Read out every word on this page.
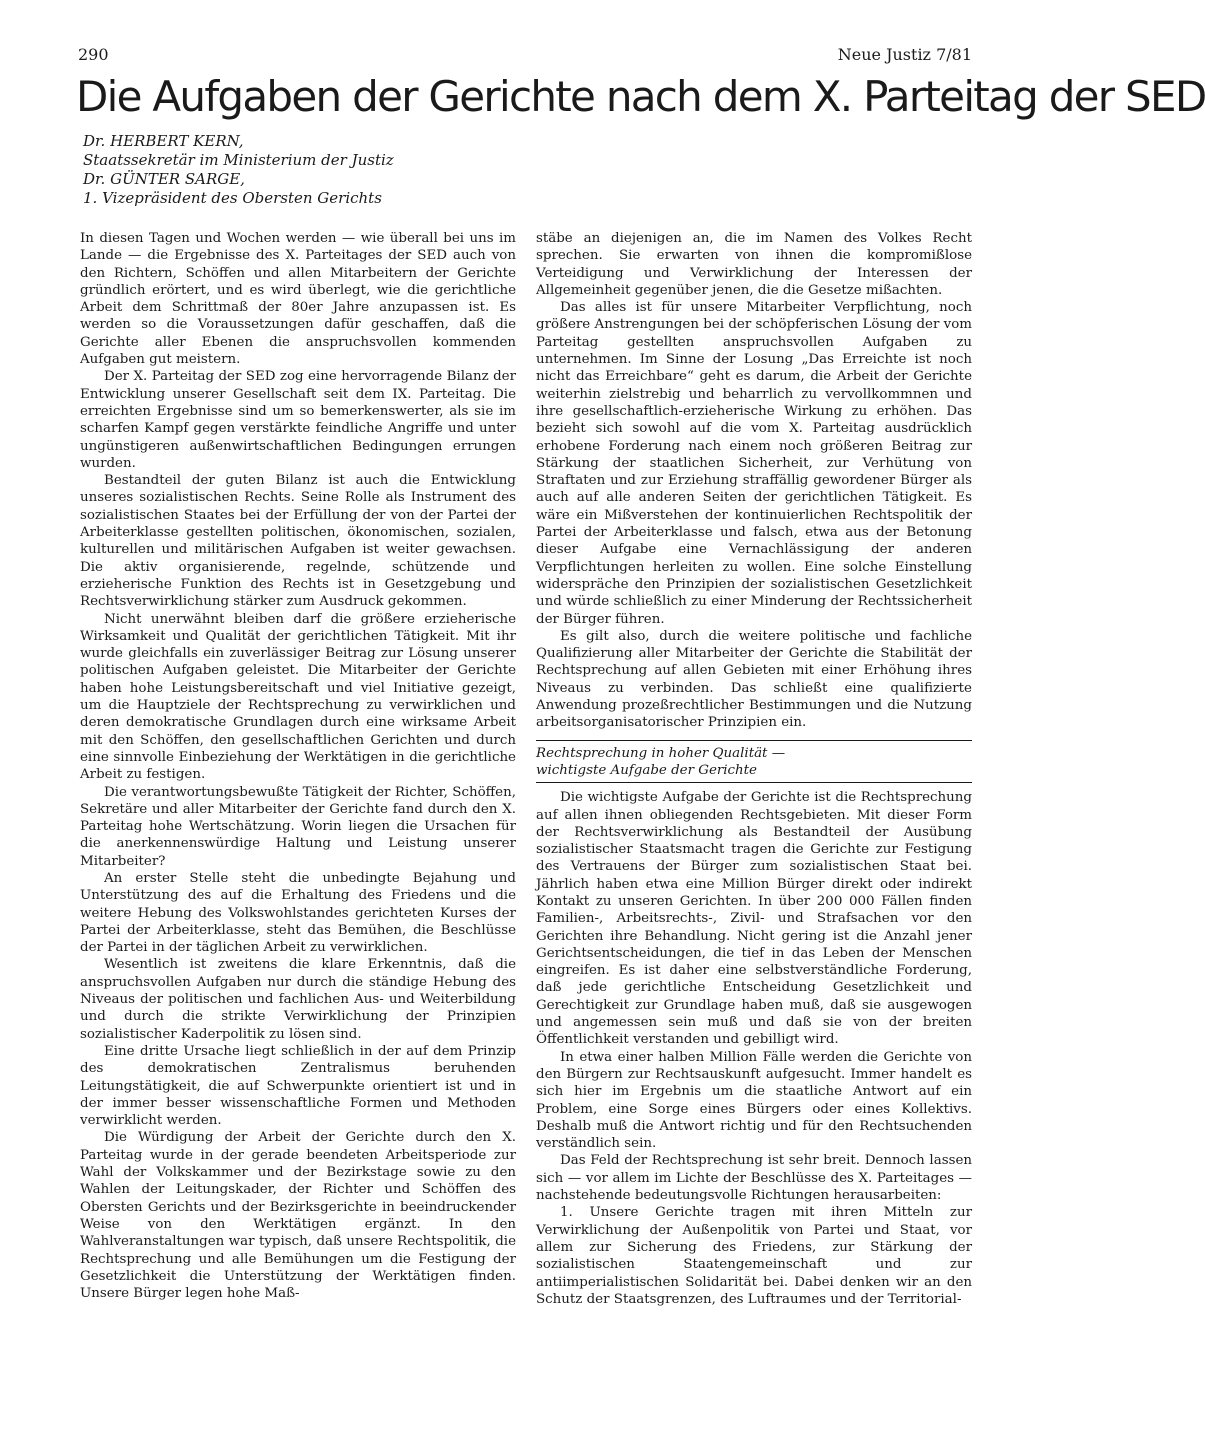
290	Neue Justiz 7/81
Die Aufgaben der Gerichte nach dem X. Parteitag der SED
Dr. HERBERT KERN,
Staatssekretär im Ministerium der Justiz
Dr. GÜNTER SARGE,
1. Vizepräsident des Obersten Gerichts

In diesen Tagen und Wochen werden — wie überall bei uns im Lande — die Ergebnisse des X. Parteitages der SED auch von den Richtern, Schöffen und allen Mitarbeitern der Gerichte gründlich erörtert, und es wird überlegt, wie die gerichtliche Arbeit dem Schrittmaß der 80er Jahre anzupassen ist. Es werden so die Voraussetzungen dafür geschaffen, daß die Gerichte aller Ebenen die anspruchsvollen kommenden Aufgaben gut meistern.

Der X. Parteitag der SED zog eine hervorragende Bilanz der Entwicklung unserer Gesellschaft seit dem IX. Parteitag. Die erreichten Ergebnisse sind um so bemerkenswerter, als sie im scharfen Kampf gegen verstärkte feindliche Angriffe und unter ungünstigeren außenwirtschaftlichen Bedingungen errungen wurden.

Bestandteil der guten Bilanz ist auch die Entwicklung unseres sozialistischen Rechts. Seine Rolle als Instrument des sozialistischen Staates bei der Erfüllung der von der Partei der Arbeiterklasse gestellten politischen, ökonomischen, sozialen, kulturellen und militärischen Aufgaben ist weiter gewachsen. Die aktiv organisierende, regelnde, schützende und erzieherische Funktion des Rechts ist in Gesetzgebung und Rechtsverwirklichung stärker zum Ausdruck gekommen.

Nicht unerwähnt bleiben darf die größere erzieherische Wirksamkeit und Qualität der gerichtlichen Tätigkeit. Mit ihr wurde gleichfalls ein zuverlässiger Beitrag zur Lösung unserer politischen Aufgaben geleistet. Die Mitarbeiter der Gerichte haben hohe Leistungsbereitschaft und viel Initiative gezeigt, um die Hauptziele der Rechtsprechung zu verwirklichen und deren demokratische Grundlagen durch eine wirksame Arbeit mit den Schöffen, den gesellschaftlichen Gerichten und durch eine sinnvolle Einbeziehung der Werktätigen in die gerichtliche Arbeit zu festigen.

Die verantwortungsbewußte Tätigkeit der Richter, Schöffen, Sekretäre und aller Mitarbeiter der Gerichte fand durch den X. Parteitag hohe Wertschätzung. Worin liegen die Ursachen für die anerkennenswürdige Haltung und Leistung unserer Mitarbeiter?

An erster Stelle steht die unbedingte Bejahung und Unterstützung des auf die Erhaltung des Friedens und die weitere Hebung des Volkswohlstandes gerichteten Kurses der Partei der Arbeiterklasse, steht das Bemühen, die Beschlüsse der Partei in der täglichen Arbeit zu verwirklichen.

Wesentlich ist zweitens die klare Erkenntnis, daß die anspruchsvollen Aufgaben nur durch die ständige Hebung des Niveaus der politischen und fachlichen Aus- und Weiterbildung und durch die strikte Verwirklichung der Prinzipien sozialistischer Kaderpolitik zu lösen sind.

Eine dritte Ursache liegt schließlich in der auf dem Prinzip des demokratischen Zentralismus beruhenden Leitungstätigkeit, die auf Schwerpunkte orientiert ist und in der immer besser wissenschaftliche Formen und Methoden verwirklicht werden.

Die Würdigung der Arbeit der Gerichte durch den X. Parteitag wurde in der gerade beendeten Arbeitsperiode zur Wahl der Volkskammer und der Bezirkstage sowie zu den Wahlen der Leitungskader, der Richter und Schöffen des Obersten Gerichts und der Bezirksgerichte in beeindruckender Weise von den Werktätigen ergänzt. In den Wahlveranstaltungen war typisch, daß unsere Rechtspolitik, die Rechtsprechung und alle Bemühungen um die Festigung der Gesetzlichkeit die Unterstützung der Werktätigen finden. Unsere Bürger legen hohe Maß-

stäbe an diejenigen an, die im Namen des Volkes Recht sprechen. Sie erwarten von ihnen die kompromißlose Verteidigung und Verwirklichung der Interessen der Allgemeinheit gegenüber jenen, die die Gesetze mißachten.

Das alles ist für unsere Mitarbeiter Verpflichtung, noch größere Anstrengungen bei der schöpferischen Lösung der vom Parteitag gestellten anspruchsvollen Aufgaben zu unternehmen. Im Sinne der Losung „Das Erreichte ist noch nicht das Erreichbare“ geht es darum, die Arbeit der Gerichte weiterhin zielstrebig und beharrlich zu vervollkommnen und ihre gesellschaftlich-erzieherische Wirkung zu erhöhen. Das bezieht sich sowohl auf die vom X. Parteitag ausdrücklich erhobene Forderung nach einem noch größeren Beitrag zur Stärkung der staatlichen Sicherheit, zur Verhütung von Straftaten und zur Erziehung straffällig gewordener Bürger als auch auf alle anderen Seiten der gerichtlichen Tätigkeit. Es wäre ein Mißverstehen der kontinuierlichen Rechtspolitik der Partei der Arbeiterklasse und falsch, etwa aus der Betonung dieser Aufgabe eine Vernachlässigung der anderen Verpflichtungen herleiten zu wollen. Eine solche Einstellung widerspräche den Prinzipien der sozialistischen Gesetzlichkeit und würde schließlich zu einer Minderung der Rechtssicherheit der Bürger führen.

Es gilt also, durch die weitere politische und fachliche Qualifizierung aller Mitarbeiter der Gerichte die Stabilität der Rechtsprechung auf allen Gebieten mit einer Erhöhung ihres Niveaus zu verbinden. Das schließt eine qualifizierte Anwendung prozeßrechtlicher Bestimmungen und die Nutzung arbeitsorganisatorischer Prinzipien ein.

Rechtsprechung in hoher Qualität —
wichtigste Aufgabe der Gerichte

Die wichtigste Aufgabe der Gerichte ist die Rechtsprechung auf allen ihnen obliegenden Rechtsgebieten. Mit dieser Form der Rechtsverwirklichung als Bestandteil der Ausübung sozialistischer Staatsmacht tragen die Gerichte zur Festigung des Vertrauens der Bürger zum sozialistischen Staat bei. Jährlich haben etwa eine Million Bürger direkt oder indirekt Kontakt zu unseren Gerichten. In über 200 000 Fällen finden Familien-, Arbeitsrechts-, Zivil- und Strafsachen vor den Gerichten ihre Behandlung. Nicht gering ist die Anzahl jener Gerichtsentscheidungen, die tief in das Leben der Menschen eingreifen. Es ist daher eine selbstverständliche Forderung, daß jede gerichtliche Entscheidung Gesetzlichkeit und Gerechtigkeit zur Grundlage haben muß, daß sie ausgewogen und angemessen sein muß und daß sie von der breiten Öffentlichkeit verstanden und gebilligt wird.

In etwa einer halben Million Fälle werden die Gerichte von den Bürgern zur Rechtsauskunft aufgesucht. Immer handelt es sich hier im Ergebnis um die staatliche Antwort auf ein Problem, eine Sorge eines Bürgers oder eines Kollektivs. Deshalb muß die Antwort richtig und für den Rechtsuchenden verständlich sein.

Das Feld der Rechtsprechung ist sehr breit. Dennoch lassen sich — vor allem im Lichte der Beschlüsse des X. Parteitages — nachstehende bedeutungsvolle Richtungen herausarbeiten:

1. Unsere Gerichte tragen mit ihren Mitteln zur Verwirklichung der Außenpolitik von Partei und Staat, vor allem zur Sicherung des Friedens, zur Stärkung der sozialistischen Staatengemeinschaft und zur antiimperialistischen Solidarität bei. Dabei denken wir an den Schutz der Staatsgrenzen, des Luftraumes und der Territorial-
